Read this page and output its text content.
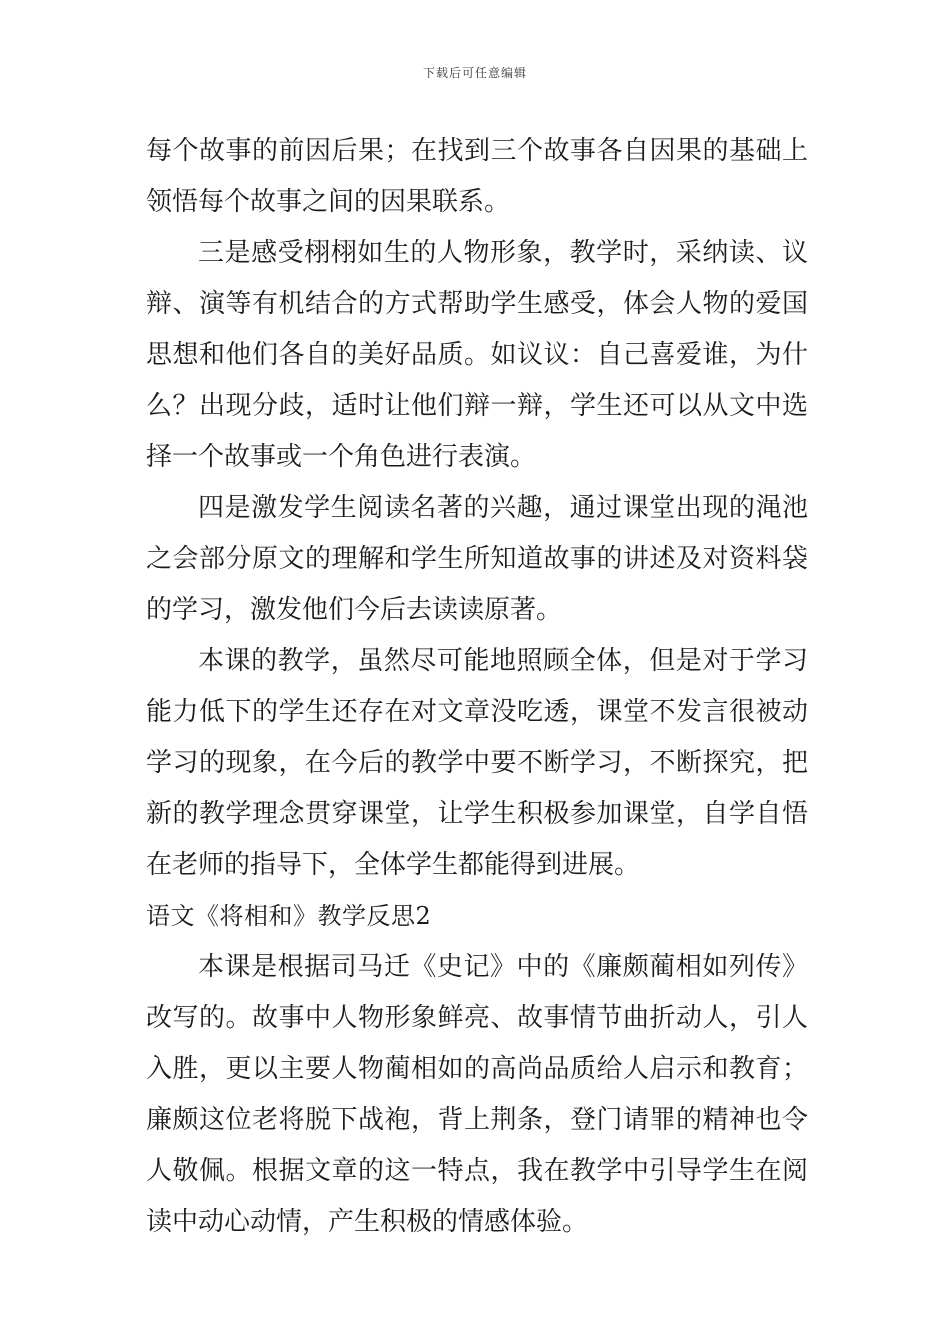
下载后可任意编辑

每个故事的前因后果；在找到三个故事各自因果的基础上领悟每个故事之间的因果联系。

三是感受栩栩如生的人物形象，教学时，采纳读、议辩、演等有机结合的方式帮助学生感受，体会人物的爱国思想和他们各自的美好品质。如议议：自己喜爱谁，为什么？出现分歧，适时让他们辩一辩，学生还可以从文中选择一个故事或一个角色进行表演。

四是激发学生阅读名著的兴趣，通过课堂出现的渑池之会部分原文的理解和学生所知道故事的讲述及对资料袋的学习，激发他们今后去读读原著。

本课的教学，虽然尽可能地照顾全体，但是对于学习能力低下的学生还存在对文章没吃透，课堂不发言很被动学习的现象，在今后的教学中要不断学习，不断探究，把新的教学理念贯穿课堂，让学生积极参加课堂，自学自悟在老师的指导下，全体学生都能得到进展。

语文《将相和》教学反思2

本课是根据司马迁《史记》中的《廉颇蔺相如列传》改写的。故事中人物形象鲜亮、故事情节曲折动人，引人入胜，更以主要人物蔺相如的高尚品质给人启示和教育；廉颇这位老将脱下战袍，背上荆条，登门请罪的精神也令人敬佩。根据文章的这一特点，我在教学中引导学生在阅读中动心动情，产生积极的情感体验。
